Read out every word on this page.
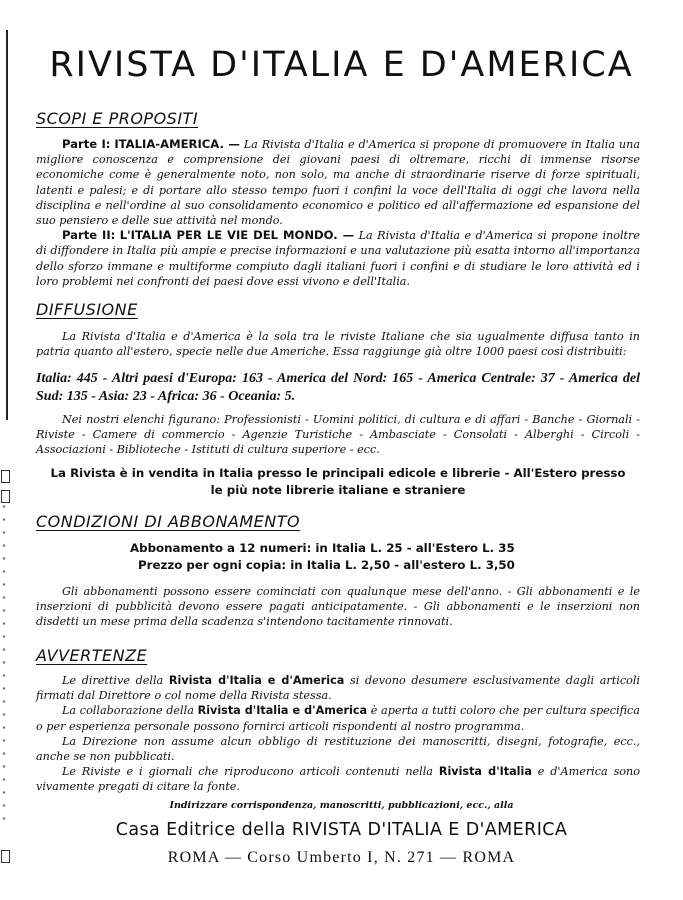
RIVISTA D'ITALIA E D'AMERICA
SCOPI E PROPOSITI

Parte I: ITALIA-AMERICA. — La Rivista d'Italia e d'America si propone di promuovere in Italia una migliore conoscenza e comprensione dei giovani paesi di oltremare, ricchi di immense risorse economiche come è generalmente noto, non solo, ma anche di straordinarie riserve di forze spirituali, latenti e palesi; e di portare allo stesso tempo fuori i confini la voce dell'Italia di oggi che lavora nella disciplina e nell'ordine al suo consolidamento economico e politico ed all'affermazione ed espansione del suo pensiero e delle sue attività nel mondo.

Parte II: L'ITALIA PER LE VIE DEL MONDO. — La Rivista d'Italia e d'America si propone inoltre di diffondere in Italia più ampie e precise informazioni e una valutazione più esatta intorno all'importanza dello sforzo immane e multiforme compiuto dagli italiani fuori i confini e di studiare le loro attività ed i loro problemi nei confronti dei paesi dove essi vivono e dell'Italia.

DIFFUSIONE

La Rivista d'Italia e d'America è la sola tra le riviste Italiane che sia ugualmente diffusa tanto in patria quanto all'estero, specie nelle due Americhe. Essa raggiunge già oltre 1000 paesi così distribuiti:

Italia: 445 - Altri paesi d'Europa: 163 - America del Nord: 165 - America Centrale: 37 - America del Sud: 135 - Asia: 23 - Africa: 36 - Oceania: 5.

Nei nostri elenchi figurano: Professionisti - Uomini politici, di cultura e di affari - Banche - Giornali - Riviste - Camere di commercio - Agenzie Turistiche - Ambasciate - Consolati - Alberghi - Circoli - Associazioni - Biblioteche - Istituti di cultura superiore - ecc.

La Rivista è in vendita in Italia presso le principali edicole e librerie - All'Estero presso
le più note librerie italiane e straniere
CONDIZIONI DI ABBONAMENTO
Abbonamento a 12 numeri: in Italia L. 25 - all'Estero L. 35
Prezzo per ogni copia: in Italia L. 2,50 - all'estero L. 3,50

Gli abbonamenti possono essere cominciati con qualunque mese dell'anno. - Gli abbonamenti e le inserzioni di pubblicità devono essere pagati anticipatamente. - Gli abbonamenti e le inserzioni non disdetti un mese prima della scadenza s'intendono tacitamente rinnovati.

AVVERTENZE

Le direttive della Rivista d'Italia e d'America si devono desumere esclusivamente dagli articoli firmati dal Direttore o col nome della Rivista stessa.

La collaborazione della Rivista d'Italia e d'America è aperta a tutti coloro che per cultura specifica o per esperienza personale possono fornirci articoli rispondenti al nostro programma.

La Direzione non assume alcun obbligo di restituzione dei manoscritti, disegni, fotografie, ecc., anche se non pubblicati.

Le Riviste e i giornali che riproducono articoli contenuti nella Rivista d'Italia e d'America sono vivamente pregati di citare la fonte.

Indirizzare corrispondenza, manoscritti, pubblicazioni, ecc., alla
Casa Editrice della RIVISTA D'ITALIA E D'AMERICA
ROMA — Corso Umberto I, N. 271 — ROMA
